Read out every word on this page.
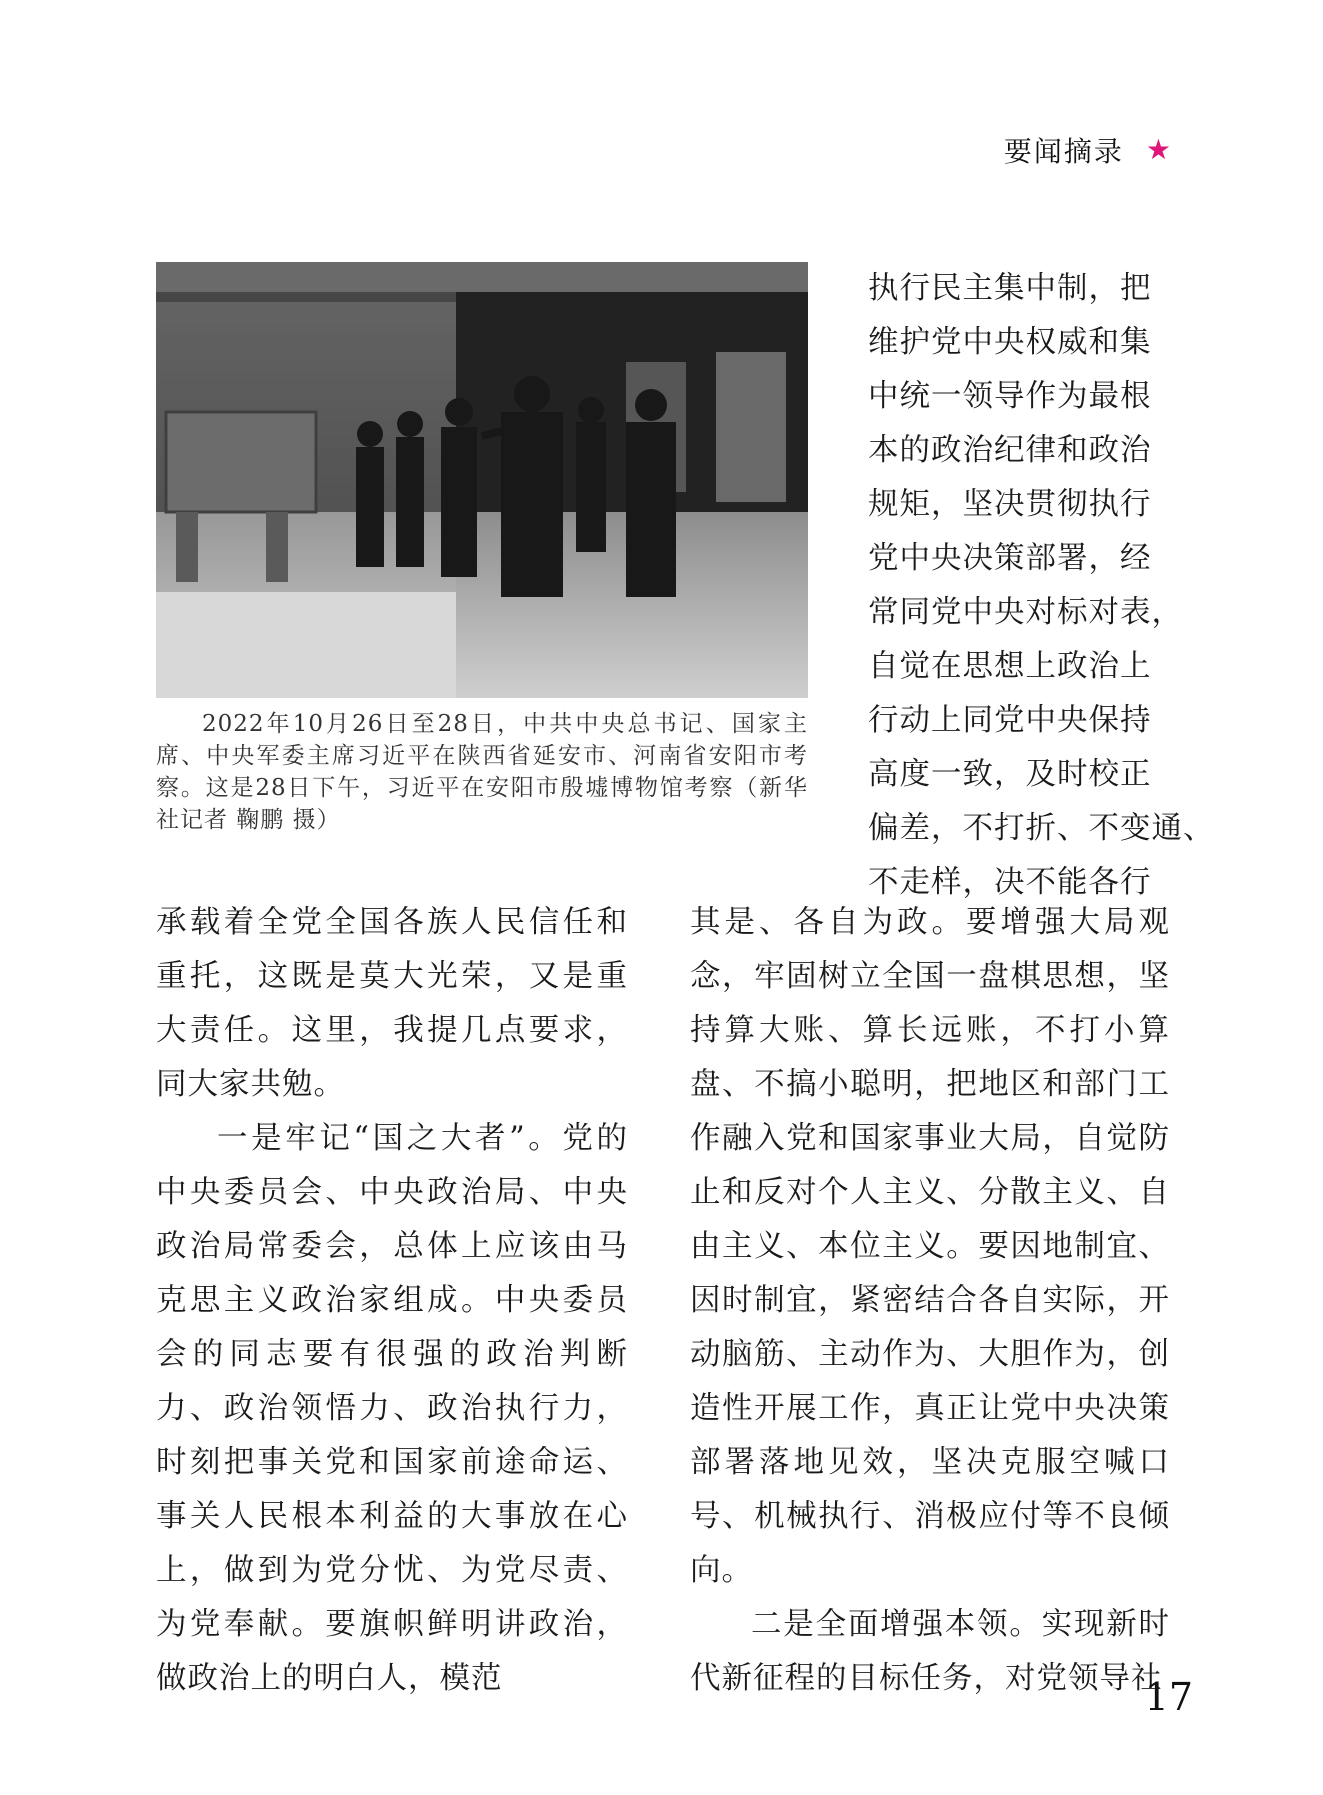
要闻摘录 ★

2022年10月26日至28日，中共中央总书记、国家主席、中央军委主席习近平在陕西省延安市、河南省安阳市考察。这是28日下午，习近平在安阳市殷墟博物馆考察（新华社记者 鞠鹏 摄）

执行民主集中制，把
维护党中央权威和集
中统一领导作为最根
本的政治纪律和政治
规矩，坚决贯彻执行
党中央决策部署，经
常同党中央对标对表，
自觉在思想上政治上
行动上同党中央保持
高度一致，及时校正
偏差，不打折、不变通、
不走样，决不能各行

承载着全党全国各族人民信任和重托，这既是莫大光荣，又是重大责任。这里，我提几点要求，同大家共勉。

一是牢记“国之大者”。党的中央委员会、中央政治局、中央政治局常委会，总体上应该由马克思主义政治家组成。中央委员会的同志要有很强的政治判断力、政治领悟力、政治执行力，时刻把事关党和国家前途命运、事关人民根本利益的大事放在心上，做到为党分忧、为党尽责、为党奉献。要旗帜鲜明讲政治，做政治上的明白人，模范

其是、各自为政。要增强大局观念，牢固树立全国一盘棋思想，坚持算大账、算长远账，不打小算盘、不搞小聪明，把地区和部门工作融入党和国家事业大局，自觉防止和反对个人主义、分散主义、自由主义、本位主义。要因地制宜、因时制宜，紧密结合各自实际，开动脑筋、主动作为、大胆作为，创造性开展工作，真正让党中央决策部署落地见效，坚决克服空喊口号、机械执行、消极应付等不良倾向。

二是全面增强本领。实现新时代新征程的目标任务，对党领导社

17
